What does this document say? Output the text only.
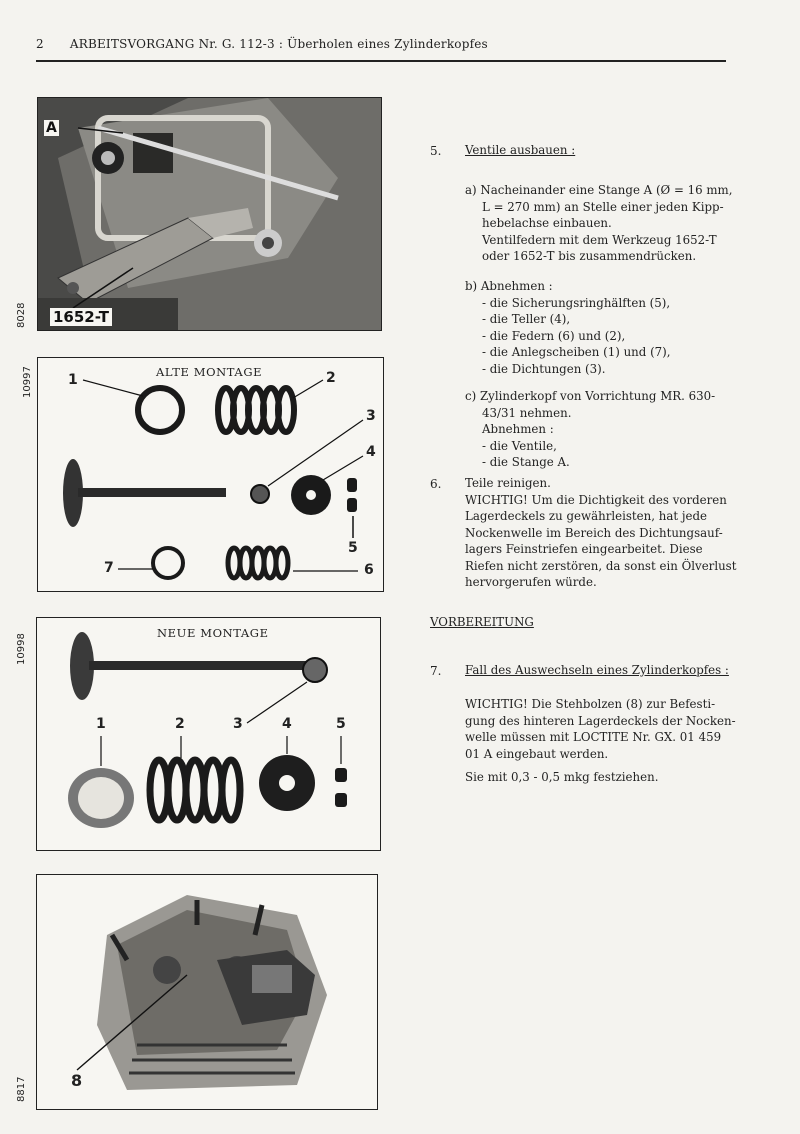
2 ARBEITSVORGANG Nr. G. 112-3 : Überholen eines Zylinderkopfes
A
1652-T
8028
ALTE MONTAGE
1	2
3
4
5
7	6
10997
NEUE MONTAGE
1	2	3	4	5
10998
8
8817
5. Ventile ausbauen :
a) Nacheinander eine Stange A (Ø = 16 mm,
L = 270 mm) an Stelle einer jeden Kipp-
hebelachse einbauen.
Ventilfedern mit dem Werkzeug 1652-T
oder 1652-T bis zusammendrücken.
b) Abnehmen :
- die Sicherungsringhälften (5),
- die Teller (4),
- die Federn (6) und (2),
- die Anlegscheiben (1) und (7),
- die Dichtungen (3).
c) Zylinderkopf von Vorrichtung MR. 630-
43/31 nehmen.
Abnehmen :
- die Ventile,
- die Stange A.
6. Teile reinigen.
WICHTIG! Um die Dichtigkeit des vorderen
Lagerdeckels zu gewährleisten, hat jede
Nockenwelle im Bereich des Dichtungsauf-
lagers Feinstriefen eingearbeitet. Diese
Riefen nicht zerstören, da sonst ein Ölverlust
hervorgerufen würde.
VORBEREITUNG
7. Fall des Auswechseln eines Zylinderkopfes :
WICHTIG! Die Stehbolzen (8) zur Befesti-
gung des hinteren Lagerdeckels der Nocken-
welle müssen mit LOCTITE Nr. GX. 01 459
01 A eingebaut werden.
Sie mit 0,3 - 0,5 mkg festziehen.
